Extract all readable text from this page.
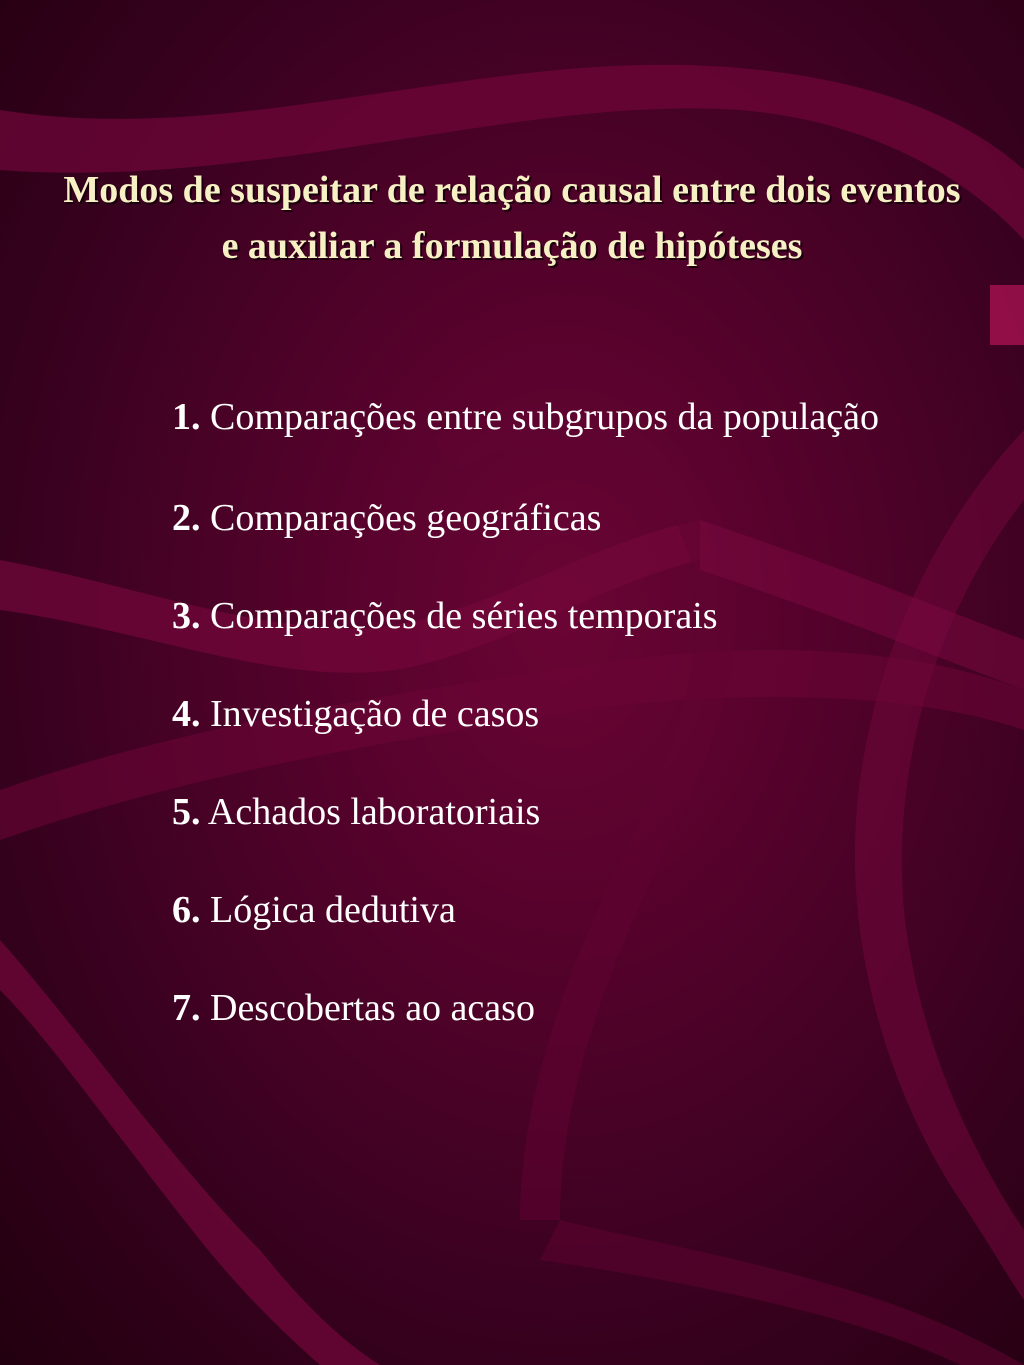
Modos de suspeitar de relação causal entre dois eventos e auxiliar a formulação de hipóteses
1. Comparações entre subgrupos da população
2. Comparações geográficas
3. Comparações de séries temporais
4. Investigação de casos
5. Achados laboratoriais
6. Lógica dedutiva
7. Descobertas ao acaso
